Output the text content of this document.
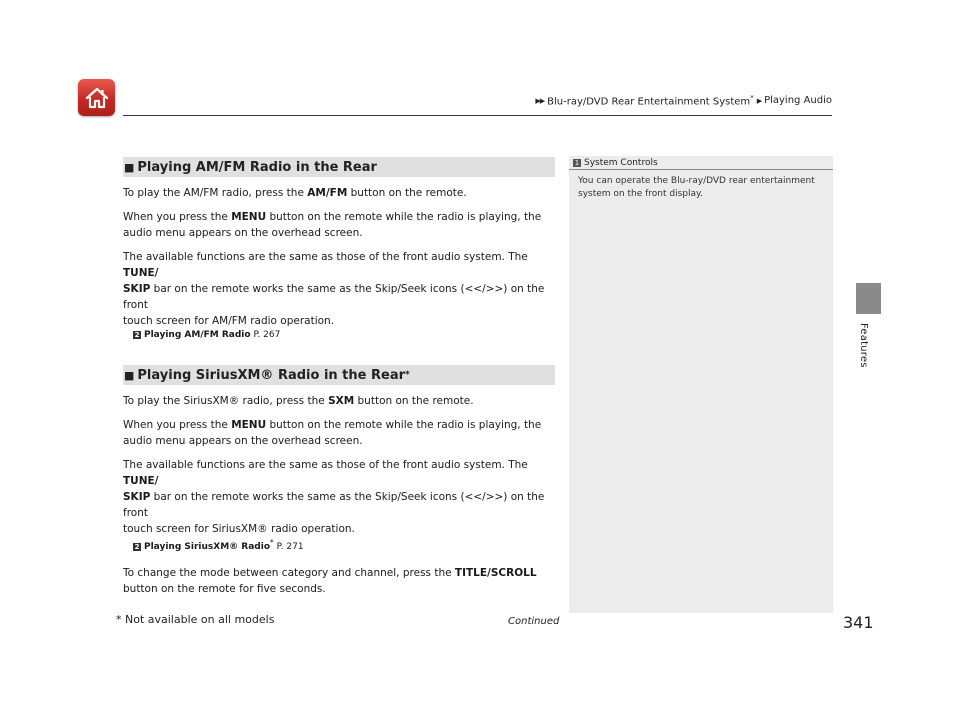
▶▶ Blu-ray/DVD Rear Entertainment System* ▶ Playing Audio
Features
■ Playing AM/FM Radio in the Rear
To play the AM/FM radio, press the AM/FM button on the remote.
When you press the MENU button on the remote while the radio is playing, the
audio menu appears on the overhead screen.
The available functions are the same as those of the front audio system. The TUNE/
SKIP bar on the remote works the same as the Skip/Seek icons (<</>>) on the front
touch screen for AM/FM radio operation.
2 Playing AM/FM Radio P. 267
■ Playing SiriusXM® Radio in the Rear *
To play the SiriusXM® radio, press the SXM button on the remote.
When you press the MENU button on the remote while the radio is playing, the
audio menu appears on the overhead screen.
The available functions are the same as those of the front audio system. The TUNE/
SKIP bar on the remote works the same as the Skip/Seek icons (<</>>) on the front
touch screen for SiriusXM® radio operation.
2 Playing SiriusXM® Radio* P. 271
To change the mode between category and channel, press the TITLE/SCROLL
button on the remote for five seconds.
1 System Controls
You can operate the Blu-ray/DVD rear entertainment system on the front display.
* Not available on all models	Continued	341
